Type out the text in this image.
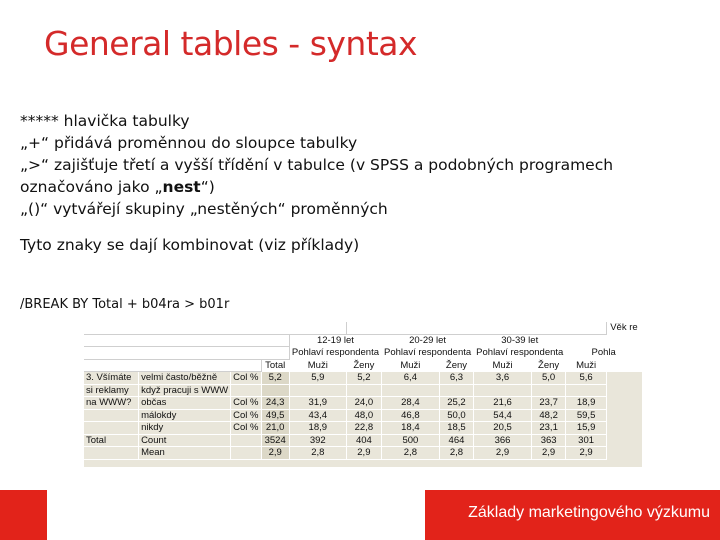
General tables - syntax
***** hlavička tabulky
„+“ přidává proměnnou do sloupce tabulky
„>“ zajišťuje třetí a vyšší třídění v tabulce (v SPSS a podobných programech
označováno jako „nest“)
„()“ vytvářejí skupiny „nestěných“ proměnných
Tyto znaky se dají kombinovat (viz příklady)
/BREAK BY Total + b04ra > b01r
											Věk re
				12-19 let		20-29 let		30-39 let			
				Pohlaví respondenta		Pohlaví respondenta		Pohlaví respondenta		Pohla	
			Total	Muži	Ženy	Muži	Ženy	Muži	Ženy	Muži	
3. Všímáte	velmi často/běžně	Col %	5,2	5,9	5,2	6,4	6,3	3,6	5,0	5,6	
si reklamy	když pracuji s WWW										
na WWW?	občas	Col %	24,3	31,9	24,0	28,4	25,2	21,6	23,7	18,9	
	málokdy	Col %	49,5	43,4	48,0	46,8	50,0	54,4	48,2	59,5	
	nikdy	Col %	21,0	18,9	22,8	18,4	18,5	20,5	23,1	15,9	
Total	Count		3524	392	404	500	464	366	363	301	
	Mean		2,9	2,8	2,9	2,8	2,8	2,9	2,9	2,9	
Základy marketingového výzkumu
